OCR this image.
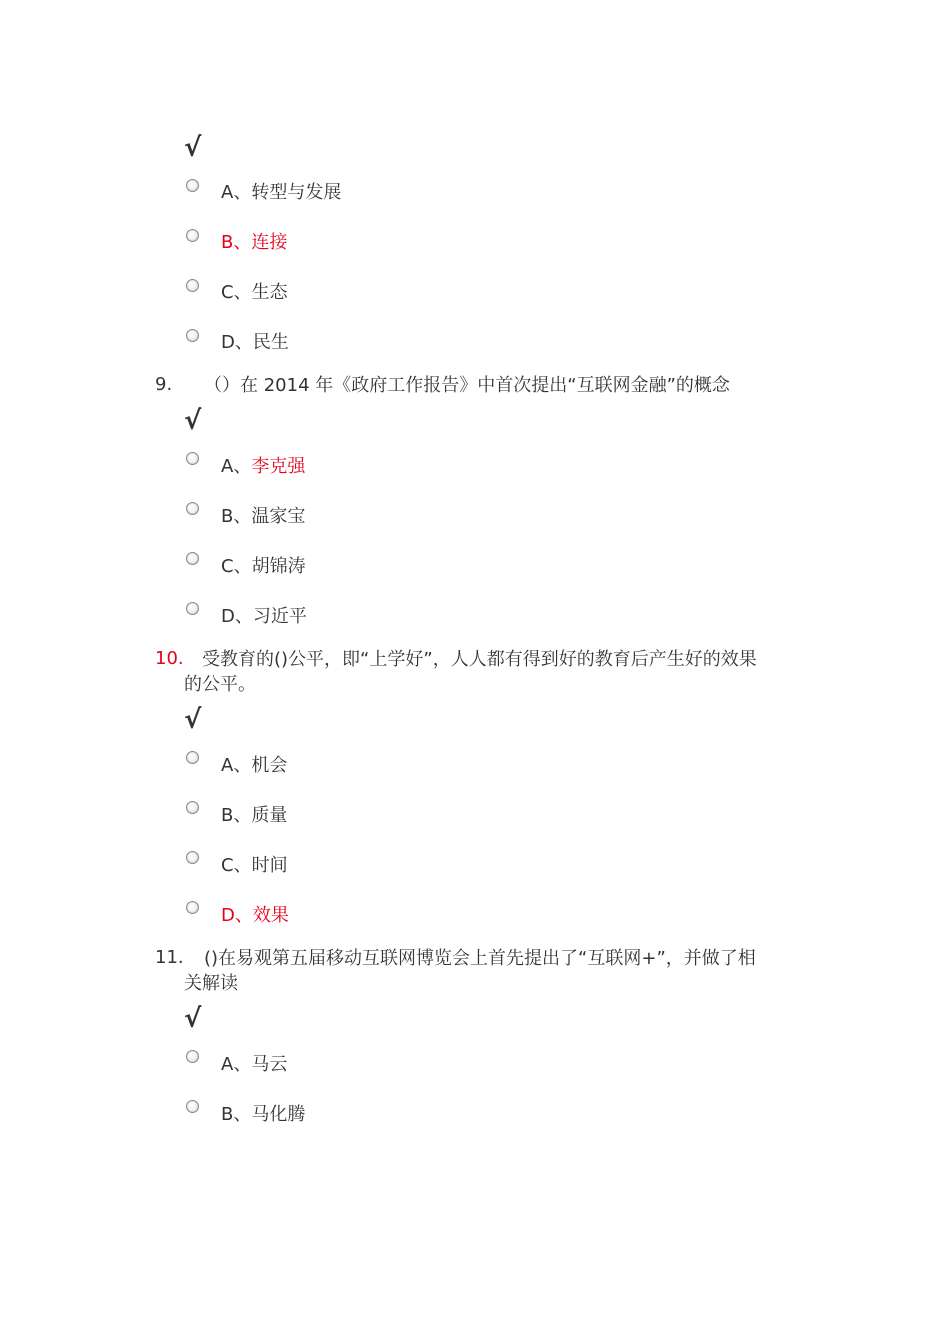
√
A、转型与发展
B、连接
C、生态
D、民生
9. （）在 2014 年《政府工作报告》中首次提出“互联网金融”的概念
√
A、李克强
B、温家宝
C、胡锦涛
D、习近平
10. 受教育的()公平，即“上学好”，人人都有得到好的教育后产生好的效果
的公平。
√
A、机会
B、质量
C、时间
D、效果
11. ()在易观第五届移动互联网博览会上首先提出了“互联网+”，并做了相
关解读
√
A、马云
B、马化腾
